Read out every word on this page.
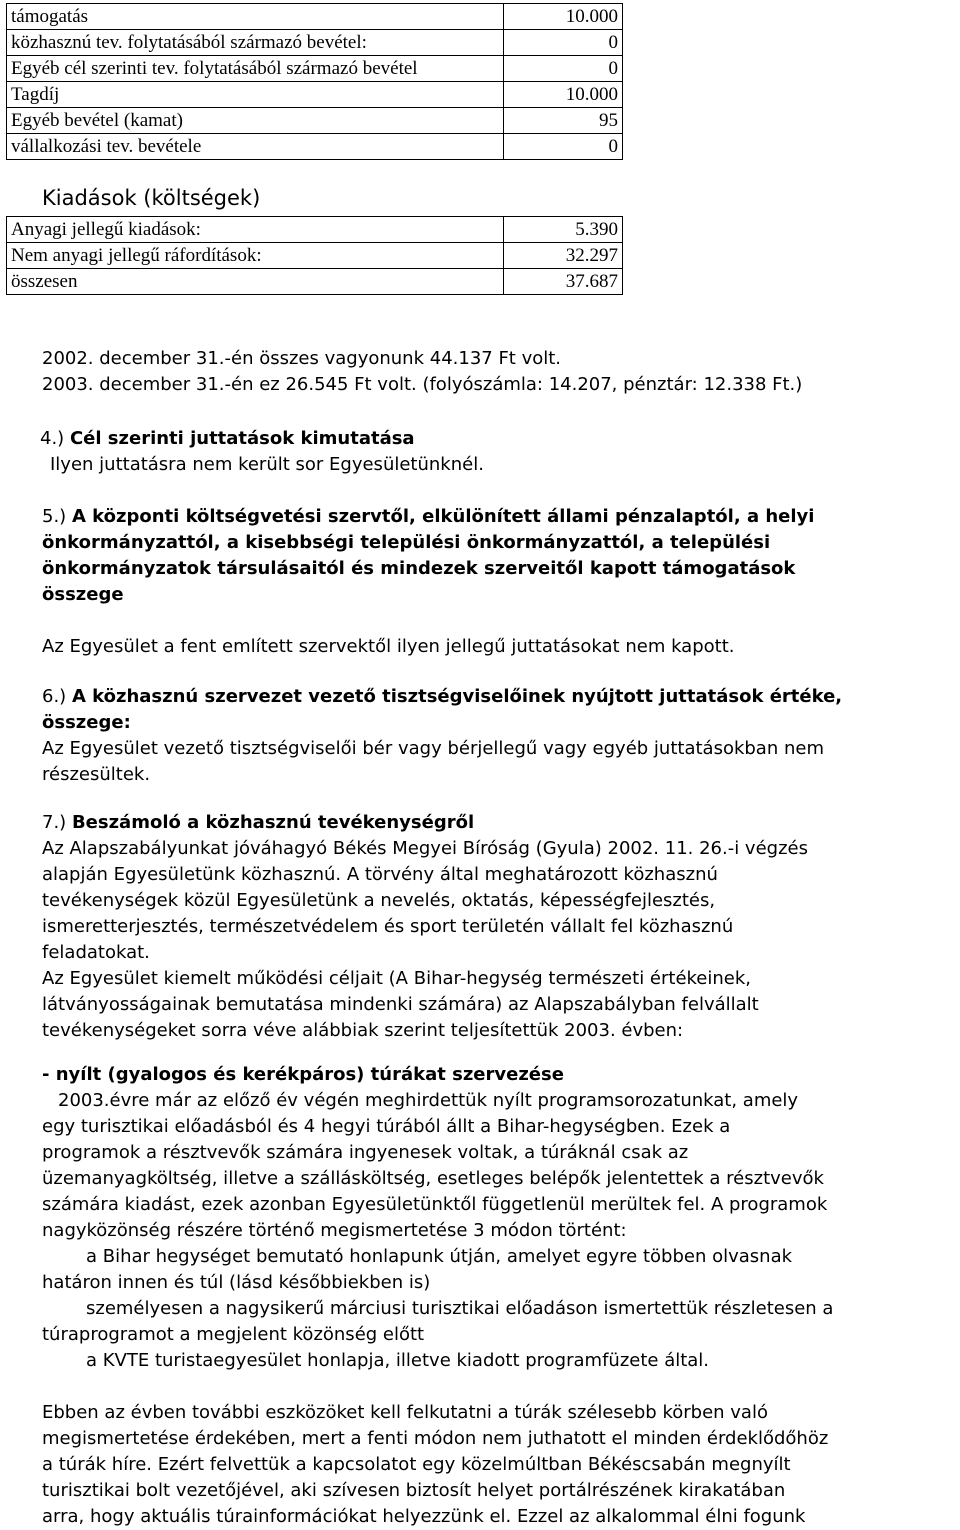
támogatás	10.000
közhasznú tev. folytatásából származó bevétel:	0
Egyéb cél szerinti tev. folytatásából származó bevétel	0
Tagdíj	10.000
Egyéb bevétel (kamat)	95
vállalkozási tev. bevétele	0
Kiadások (költségek)
Anyagi jellegű kiadások:	5.390
Nem anyagi jellegű ráfordítások:	32.297
összesen	37.687
2002. december 31.-én összes vagyonunk 44.137 Ft volt.
2003. december 31.-én ez 26.545 Ft volt. (folyószámla: 14.207, pénztár: 12.338 Ft.)
4.) Cél szerinti juttatások kimutatása
Ilyen juttatásra nem került sor Egyesületünknél.
5.) A központi költségvetési szervtől, elkülönített állami pénzalaptól, a helyi
önkormányzattól, a kisebbségi települési önkormányzattól, a települési
önkormányzatok társulásaitól és mindezek szerveitől kapott támogatások
összege
Az Egyesület a fent említett szervektől ilyen jellegű juttatásokat nem kapott.
6.) A közhasznú szervezet vezető tisztségviselőinek nyújtott juttatások értéke,
összege:
Az Egyesület vezető tisztségviselői bér vagy bérjellegű vagy egyéb juttatásokban nem
részesültek.
7.) Beszámoló a közhasznú tevékenységről
Az Alapszabályunkat jóváhagyó Békés Megyei Bíróság (Gyula) 2002. 11. 26.-i végzés
alapján Egyesületünk közhasznú. A törvény által meghatározott közhasznú
tevékenységek közül Egyesületünk a nevelés, oktatás, képességfejlesztés,
ismeretterjesztés, természetvédelem és sport területén vállalt fel közhasznú
feladatokat.
Az Egyesület kiemelt működési céljait (A Bihar-hegység természeti értékeinek,
látványosságainak bemutatása mindenki számára) az Alapszabályban felvállalt
tevékenységeket sorra véve alábbiak szerint teljesítettük 2003. évben:
- nyílt (gyalogos és kerékpáros) túrákat szervezése
2003.évre már az előző év végén meghirdettük nyílt programsorozatunkat, amely
egy turisztikai előadásból és 4 hegyi túrából állt a Bihar-hegységben. Ezek a
programok a résztvevők számára ingyenesek voltak, a túráknál csak az
üzemanyagköltség, illetve a szállásköltség, esetleges belépők jelentettek a résztvevők
számára kiadást, ezek azonban Egyesületünktől függetlenül merültek fel. A programok
nagyközönség részére történő megismertetése 3 módon történt:
a Bihar hegységet bemutató honlapunk útján, amelyet egyre többen olvasnak
határon innen és túl (lásd későbbiekben is)
személyesen a nagysikerű márciusi turisztikai előadáson ismertettük részletesen a
túraprogramot a megjelent közönség előtt
a KVTE turistaegyesület honlapja, illetve kiadott programfüzete által.
Ebben az évben további eszközöket kell felkutatni a túrák szélesebb körben való
megismertetése érdekében, mert a fenti módon nem juthatott el minden érdeklődőhöz
a túrák híre. Ezért felvettük a kapcsolatot egy közelmúltban Békéscsabán megnyílt
turisztikai bolt vezetőjével, aki szívesen biztosít helyet portálrészének kirakatában
arra, hogy aktuális túrainformációkat helyezzünk el. Ezzel az alkalommal élni fogunk
